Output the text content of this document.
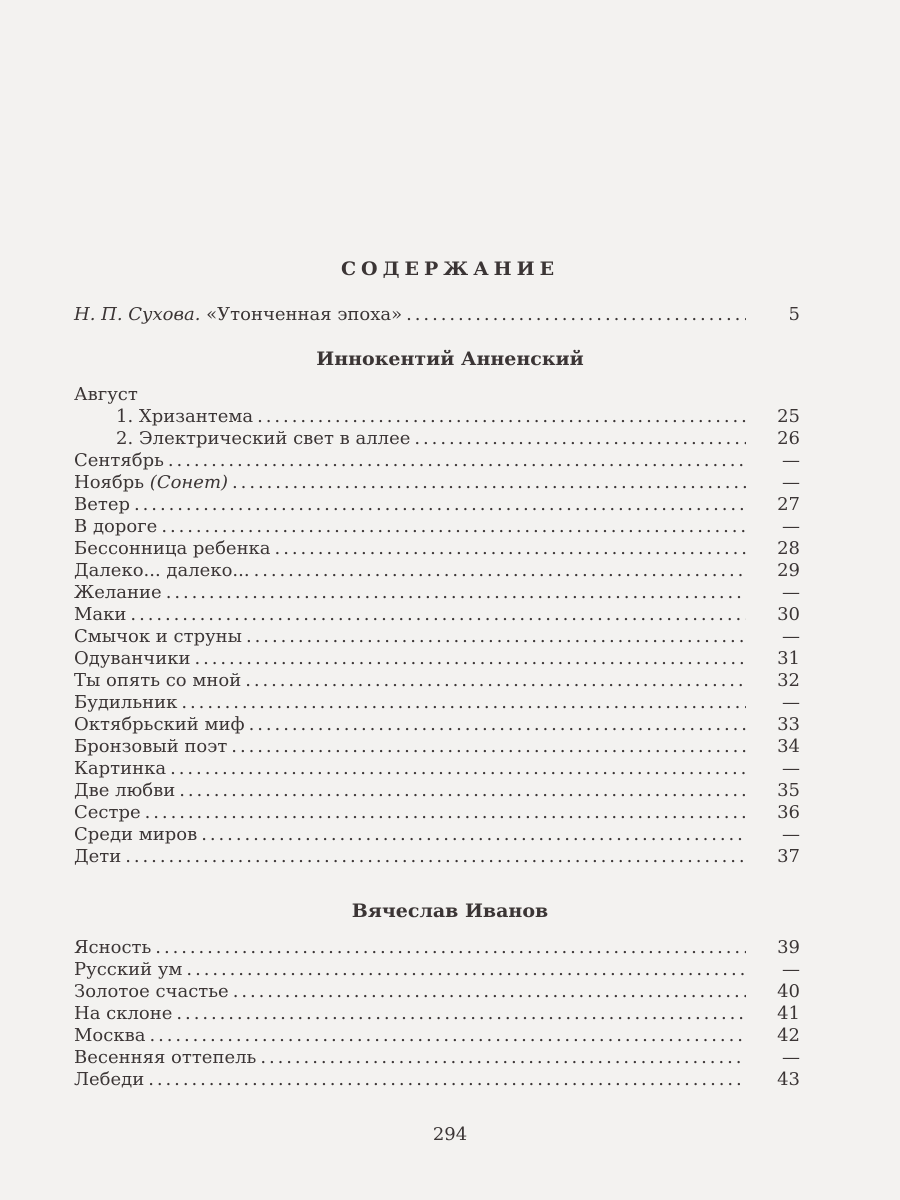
СОДЕРЖАНИЕ
Н. П. Сухова. «Утонченная эпоха» . . .	5
Иннокентий Анненский
Август
1. Хризантема . . .	25
2. Электрический свет в аллее . . .	26
Сентябрь . . .	—
Ноябрь (Сонет) . . .	—
Ветер . . .	27
В дороге . . .	—
Бессонница ребенка . . .	28
Далеко... далеко... . . .	29
Желание . . .	—
Маки . . .	30
Смычок и струны . . .	—
Одуванчики . . .	31
Ты опять со мной . . .	32
Будильник . . .	—
Октябрьский миф . . .	33
Бронзовый поэт . . .	34
Картинка . . .	—
Две любви . . .	35
Сестре . . .	36
Среди миров . . .	—
Дети . . .	37
Вячеслав Иванов
Ясность . . .	39
Русский ум . . .	—
Золотое счастье . . .	40
На склоне . . .	41
Москва . . .	42
Весенняя оттепель . . .	—
Лебеди . . .	43
294
